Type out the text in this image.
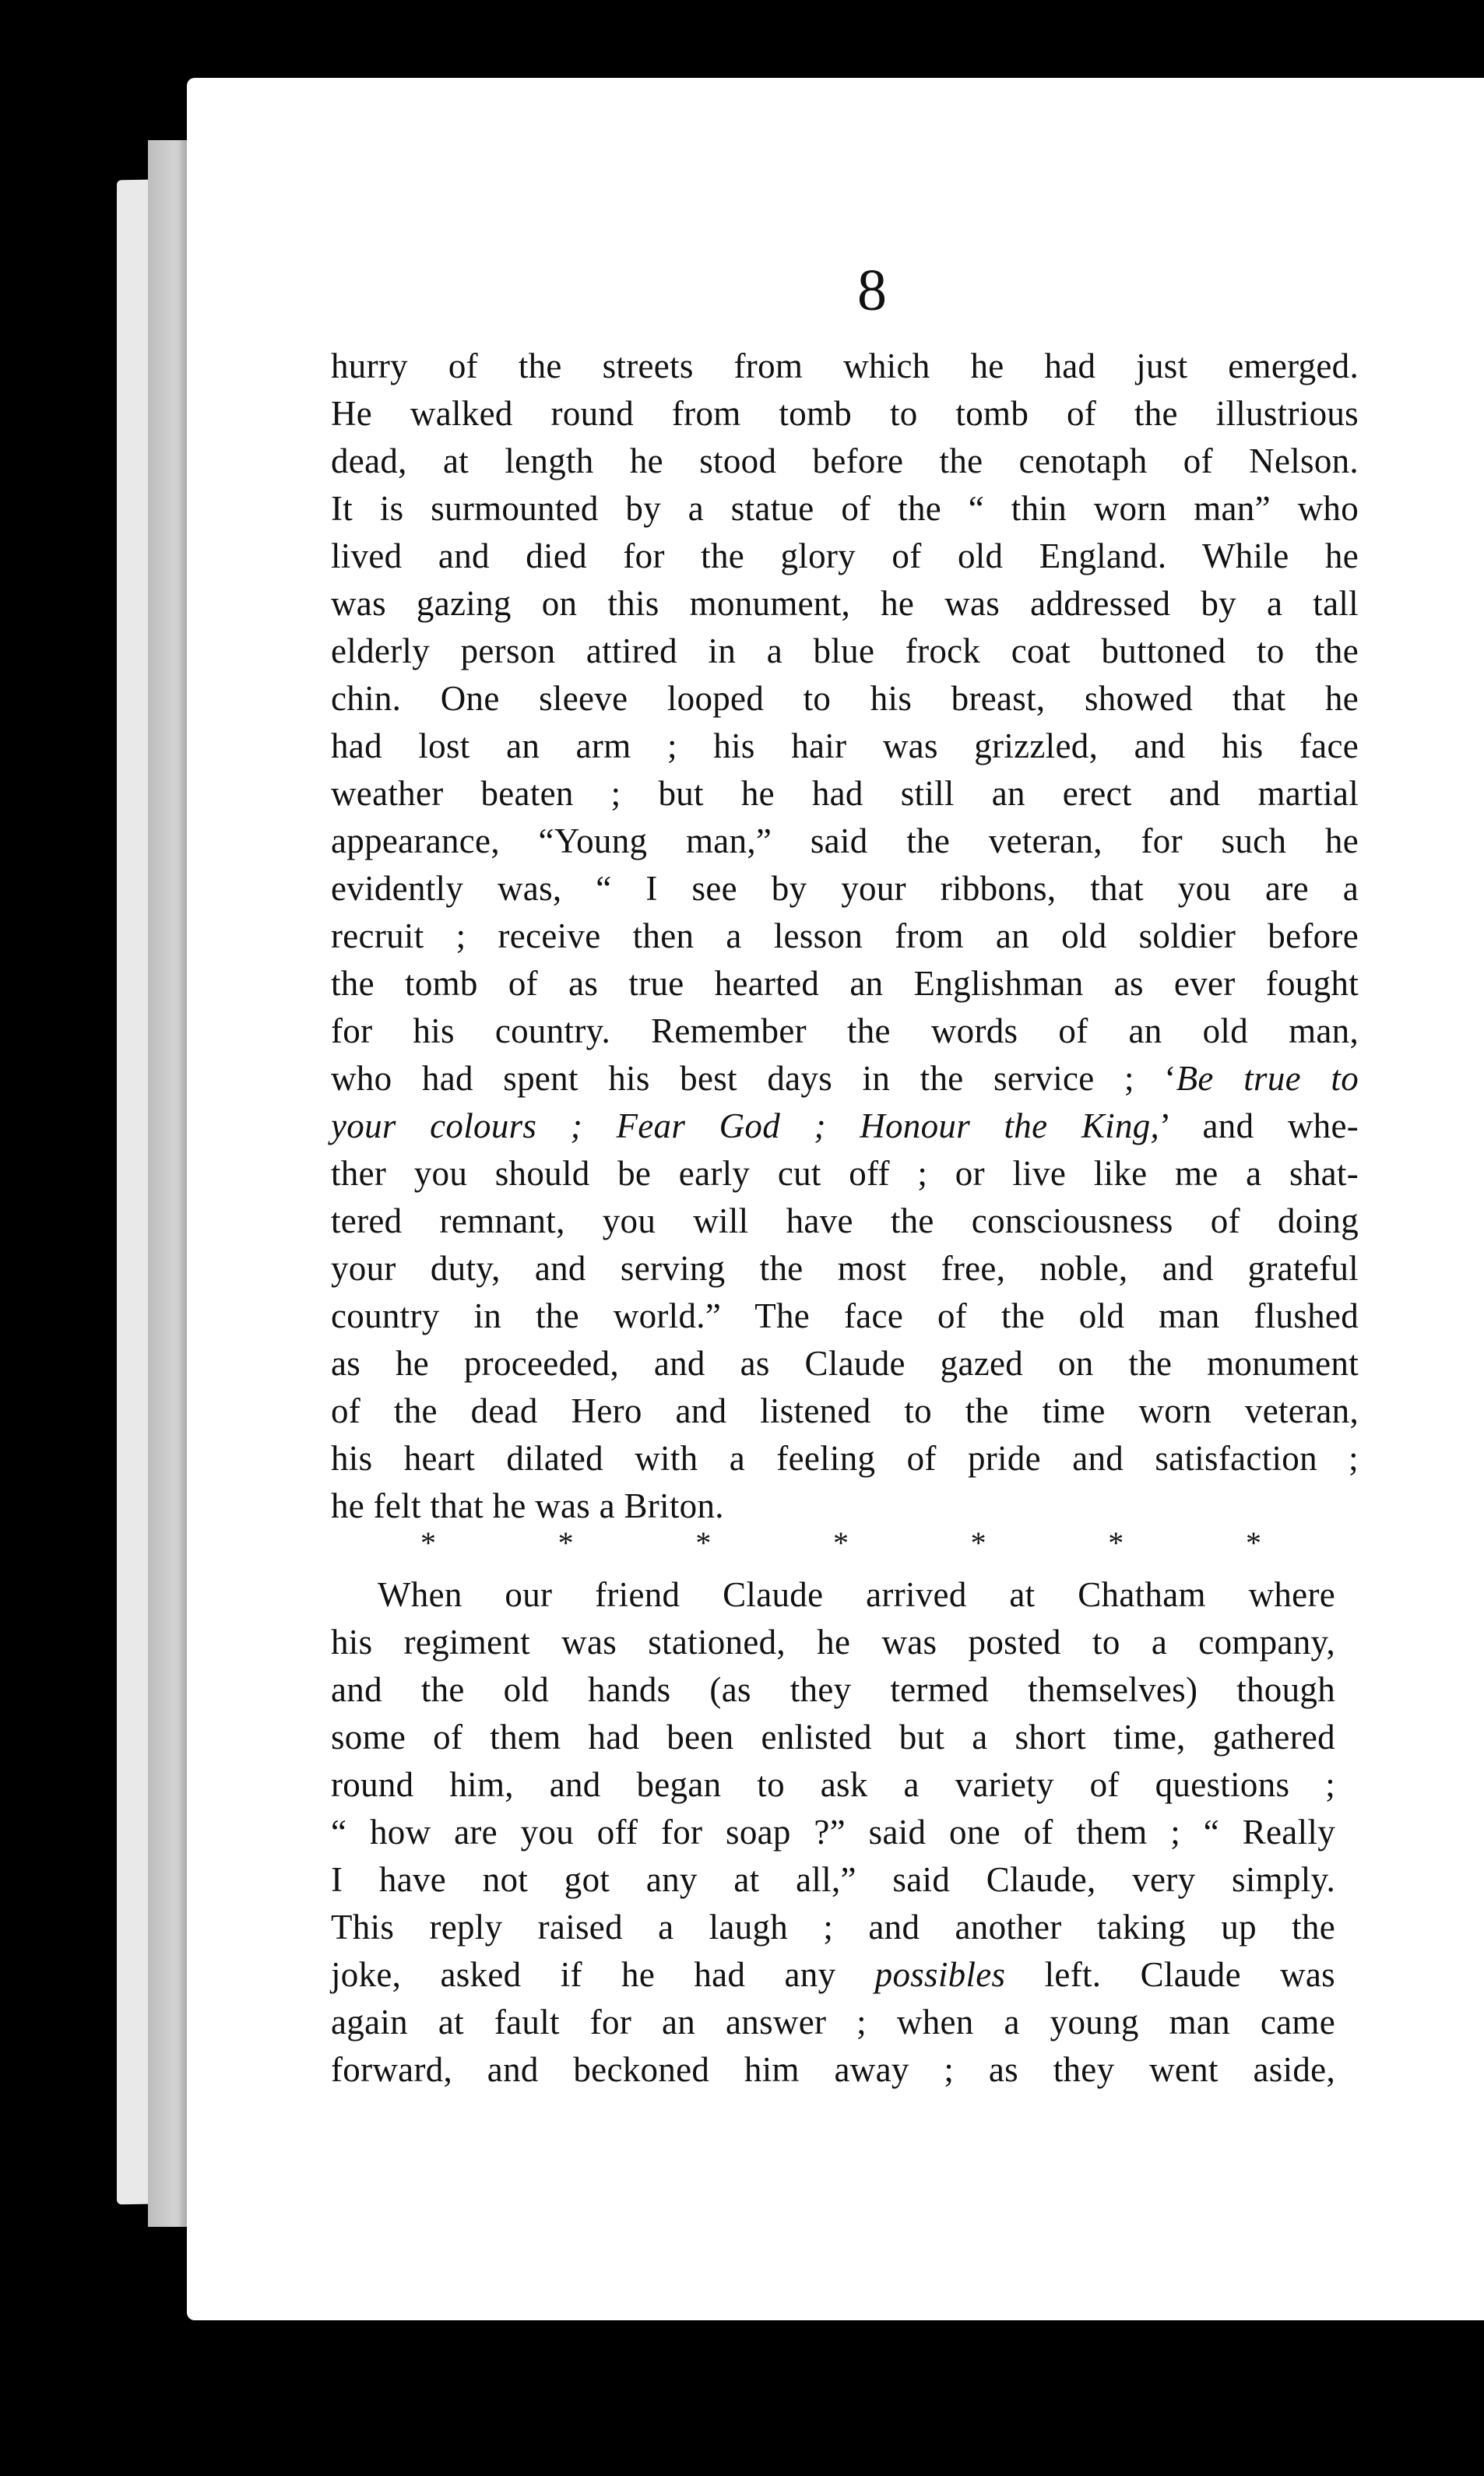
8
hurry of the streets from which he had just emerged.
He walked round from tomb to tomb of the illustrious
dead, at length he stood before the cenotaph of Nelson.
It is surmounted by a statue of the “ thin worn man” who
lived and died for the glory of old England. While he
was gazing on this monument, he was addressed by a tall
elderly person attired in a blue frock coat buttoned to the
chin. One sleeve looped to his breast, showed that he
had lost an arm ; his hair was grizzled, and his face
weather beaten ; but he had still an erect and martial
appearance, “Young man,” said the veteran, for such he
evidently was, “ I see by your ribbons, that you are a
recruit ; receive then a lesson from an old soldier before
the tomb of as true hearted an Englishman as ever fought
for his country. Remember the words of an old man,
who had spent his best days in the service ; ‘Be true to
your colours ; Fear God ; Honour the King,’ and whe-
ther you should be early cut off ; or live like me a shat-
tered remnant, you will have the consciousness of doing
your duty, and serving the most free, noble, and grateful
country in the world.” The face of the old man flushed
as he proceeded, and as Claude gazed on the monument
of the dead Hero and listened to the time worn veteran,
his heart dilated with a feeling of pride and satisfaction ;
he felt that he was a Briton.
*	*	*	*	*	*	*
When our friend Claude arrived at Chatham where
his regiment was stationed, he was posted to a company,
and the old hands (as they termed themselves) though
some of them had been enlisted but a short time, gathered
round him, and began to ask a variety of questions ;
“ how are you off for soap ?” said one of them ; “ Really
I have not got any at all,” said Claude, very simply.
This reply raised a laugh ; and another taking up the
joke, asked if he had any possibles left. Claude was
again at fault for an answer ; when a young man came
forward, and beckoned him away ; as they went aside,
